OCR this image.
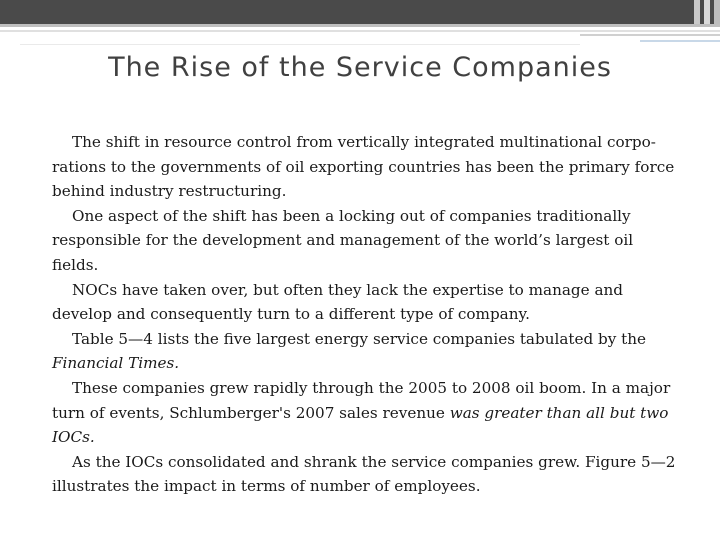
The Rise of the Service Companies

The shift in resource control from vertically integrated multinational corpo-rations to the governments of oil exporting countries has been the primary force behind industry restructuring.

One aspect of the shift has been a locking out of companies traditionally responsible for the development and management of the world’s largest oil fields.

NOCs have taken over, but often they lack the expertise to manage and develop and consequently turn to a different type of company.

Table 5—4 lists the five largest energy service companies tabulated by the Financial Times.

These companies grew rapidly through the 2005 to 2008 oil boom. In a major turn of events, Schlumberger's 2007 sales revenue was greater than all but two IOCs.

As the IOCs consolidated and shrank the service companies grew. Figure 5—2 illustrates the impact in terms of number of employees.
